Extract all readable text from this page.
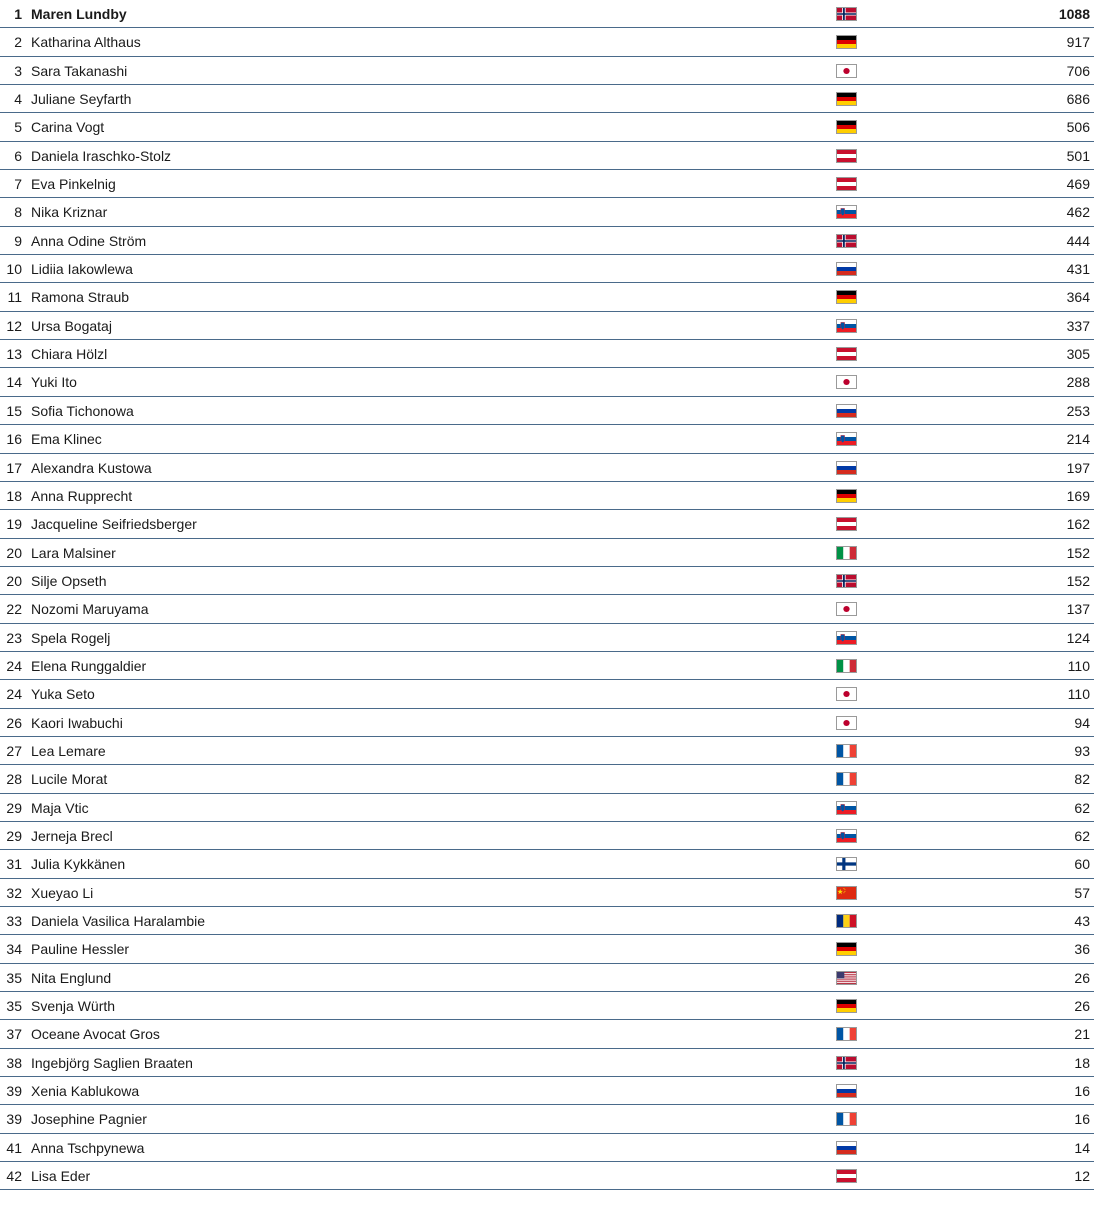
1 Maren Lundby	1088
2 Katharina Althaus	917
3 Sara Takanashi	706
4 Juliane Seyfarth	686
5 Carina Vogt	506
6 Daniela Iraschko-Stolz	501
7 Eva Pinkelnig	469
8 Nika Kriznar	462
9 Anna Odine Ström	444
10 Lidiia Iakowlewa	431
11 Ramona Straub	364
12 Ursa Bogataj	337
13 Chiara Hölzl	305
14 Yuki Ito	288
15 Sofia Tichonowa	253
16 Ema Klinec	214
17 Alexandra Kustowa	197
18 Anna Rupprecht	169
19 Jacqueline Seifriedsberger	162
20 Lara Malsiner	152
20 Silje Opseth	152
22 Nozomi Maruyama	137
23 Spela Rogelj	124
24 Elena Runggaldier	110
24 Yuka Seto	110
26 Kaori Iwabuchi	94
27 Lea Lemare	93
28 Lucile Morat	82
29 Maja Vtic	62
29 Jerneja Brecl	62
31 Julia Kykkänen	60
32 Xueyao Li	57
33 Daniela Vasilica Haralambie	43
34 Pauline Hessler	36
35 Nita Englund	26
35 Svenja Würth	26
37 Oceane Avocat Gros	21
38 Ingebjörg Saglien Braaten	18
39 Xenia Kablukowa	16
39 Josephine Pagnier	16
41 Anna Tschpynewa	14
42 Lisa Eder	12
